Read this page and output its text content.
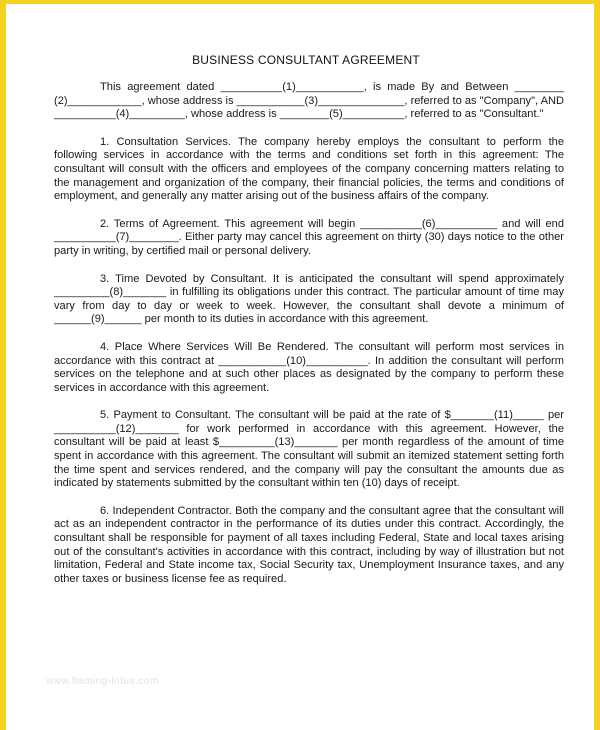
BUSINESS CONSULTANT AGREEMENT

This agreement dated __________(1)___________, is made By and Between ________ (2)____________, whose address is ___________(3)______________, referred to as "Company", AND __________(4)_________, whose address is ________(5)__________, referred to as "Consultant."

1. Consultation Services. The company hereby employs the consultant to perform the following services in accordance with the terms and conditions set forth in this agreement: The consultant will consult with the officers and employees of the company concerning matters relating to the management and organization of the company, their financial policies, the terms and conditions of employment, and generally any matter arising out of the business affairs of the company.

2. Terms of Agreement. This agreement will begin __________(6)__________ and will end __________(7)________. Either party may cancel this agreement on thirty (30) days notice to the other party in writing, by certified mail or personal delivery.

3. Time Devoted by Consultant. It is anticipated the consultant will spend approximately _________(8)_______ in fulfilling its obligations under this contract. The particular amount of time may vary from day to day or week to week. However, the consultant shall devote a minimum of ______(9)______ per month to its duties in accordance with this agreement.

4. Place Where Services Will Be Rendered. The consultant will perform most services in accordance with this contract at ___________(10)__________. In addition the consultant will perform services on the telephone and at such other places as designated by the company to perform these services in accordance with this agreement.

5. Payment to Consultant. The consultant will be paid at the rate of $_______(11)_____ per __________(12)_______ for work performed in accordance with this agreement. However, the consultant will be paid at least $_________(13)_______ per month regardless of the amount of time spent in accordance with this agreement. The consultant will submit an itemized statement setting forth the time spent and services rendered, and the company will pay the consultant the amounts due as indicated by statements submitted by the consultant within ten (10) days of receipt.

6. Independent Contractor. Both the company and the consultant agree that the consultant will act as an independent contractor in the performance of its duties under this contract. Accordingly, the consultant shall be responsible for payment of all taxes including Federal, State and local taxes arising out of the consultant's activities in accordance with this contract, including by way of illustration but not limitation, Federal and State income tax, Social Security tax, Unemployment Insurance taxes, and any other taxes or business license fee as required.

www.flaming-lotus.com
